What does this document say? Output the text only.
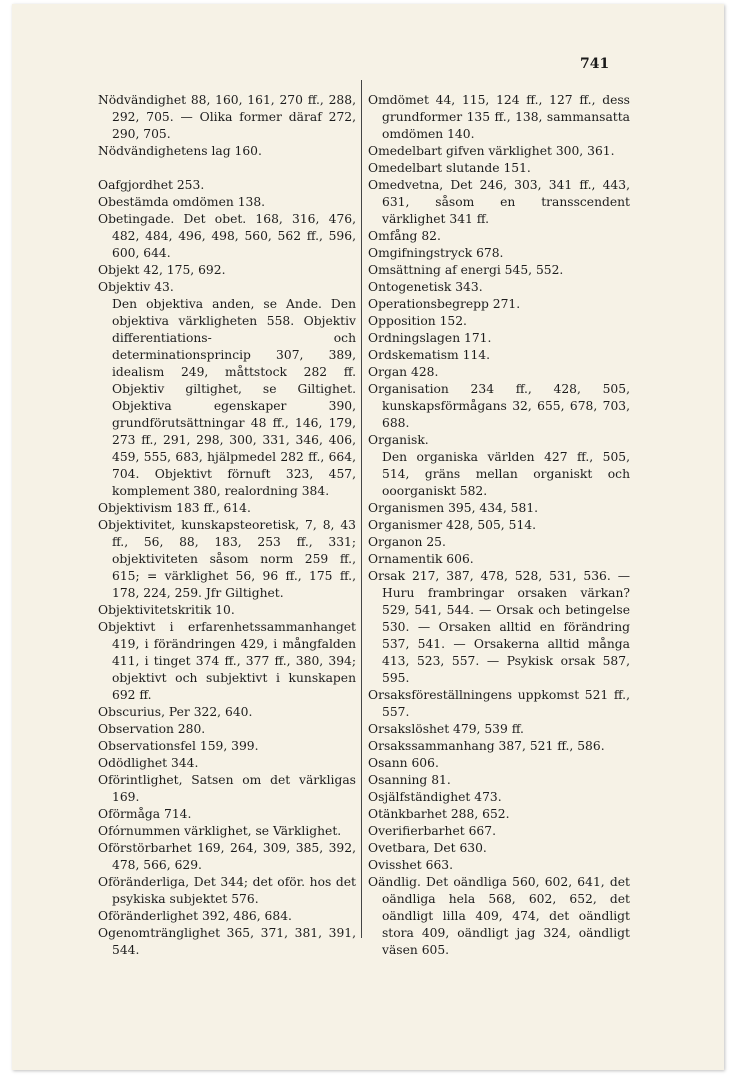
741

Nödvändighet 88, 160, 161, 270 ff., 288, 292, 705. — Olika former däraf 272, 290, 705.

Nödvändighetens lag 160.

Oafgjordhet 253.

Obestämda omdömen 138.

Obetingade. Det obet. 168, 316, 476, 482, 484, 496, 498, 560, 562 ff., 596, 600, 644.

Objekt 42, 175, 692.

Objektiv 43.

Den objektiva anden, se Ande. Den objektiva värkligheten 558. Objektiv differentiations- och determinationsprincip 307, 389, idealism 249, måttstock 282 ff. Objektiv giltighet, se Giltighet. Objektiva egenskaper 390, grundförutsättningar 48 ff., 146, 179, 273 ff., 291, 298, 300, 331, 346, 406, 459, 555, 683, hjälpmedel 282 ff., 664, 704. Objektivt förnuft 323, 457, komplement 380, realordning 384.

Objektivism 183 ff., 614.

Objektivitet, kunskapsteoretisk, 7, 8, 43 ff., 56, 88, 183, 253 ff., 331; objektiviteten såsom norm 259 ff., 615; = värklighet 56, 96 ff., 175 ff., 178, 224, 259. Jfr Giltighet.

Objektivitetskritik 10.

Objektivt i erfarenhetssammanhanget 419, i förändringen 429, i mångfalden 411, i tinget 374 ff., 377 ff., 380, 394; objektivt och subjektivt i kunskapen 692 ff.

Obscurius, Per 322, 640.

Observation 280.

Observationsfel 159, 399.

Odödlighet 344.

Oförintlighet, Satsen om det värkligas 169.

Oförmåga 714.

Ofórnummen värklighet, se Värklighet.

Oförstörbarhet 169, 264, 309, 385, 392, 478, 566, 629.

Oföränderliga, Det 344; det oför. hos det psykiska subjektet 576.

Oföränderlighet 392, 486, 684.

Ogenomtränglighet 365, 371, 381, 391, 544.

Omdömet 44, 115, 124 ff., 127 ff., dess grundformer 135 ff., 138, sammansatta omdömen 140.

Omedelbart gifven värklighet 300, 361.

Omedelbart slutande 151.

Omedvetna, Det 246, 303, 341 ff., 443, 631, såsom en transscendent värklighet 341 ff.

Omfång 82.

Omgifningstryck 678.

Omsättning af energi 545, 552.

Ontogenetisk 343.

Operationsbegrepp 271.

Opposition 152.

Ordningslagen 171.

Ordskematism 114.

Organ 428.

Organisation 234 ff., 428, 505, kunskapsförmågans 32, 655, 678, 703, 688.

Organisk.

Den organiska världen 427 ff., 505, 514, gräns mellan organiskt och ooorganiskt 582.

Organismen 395, 434, 581.

Organismer 428, 505, 514.

Organon 25.

Ornamentik 606.

Orsak 217, 387, 478, 528, 531, 536. — Huru frambringar orsaken värkan? 529, 541, 544. — Orsak och betingelse 530. — Orsaken alltid en förändring 537, 541. — Orsakerna alltid många 413, 523, 557. — Psykisk orsak 587, 595.

Orsaksföreställningens uppkomst 521 ff., 557.

Orsakslöshet 479, 539 ff.

Orsakssammanhang 387, 521 ff., 586.

Osann 606.

Osanning 81.

Osjälfständighet 473.

Otänkbarhet 288, 652.

Overifierbarhet 667.

Ovetbara, Det 630.

Ovisshet 663.

Oändlig. Det oändliga 560, 602, 641, det oändliga hela 568, 602, 652, det oändligt lilla 409, 474, det oändligt stora 409, oändligt jag 324, oändligt väsen 605.
